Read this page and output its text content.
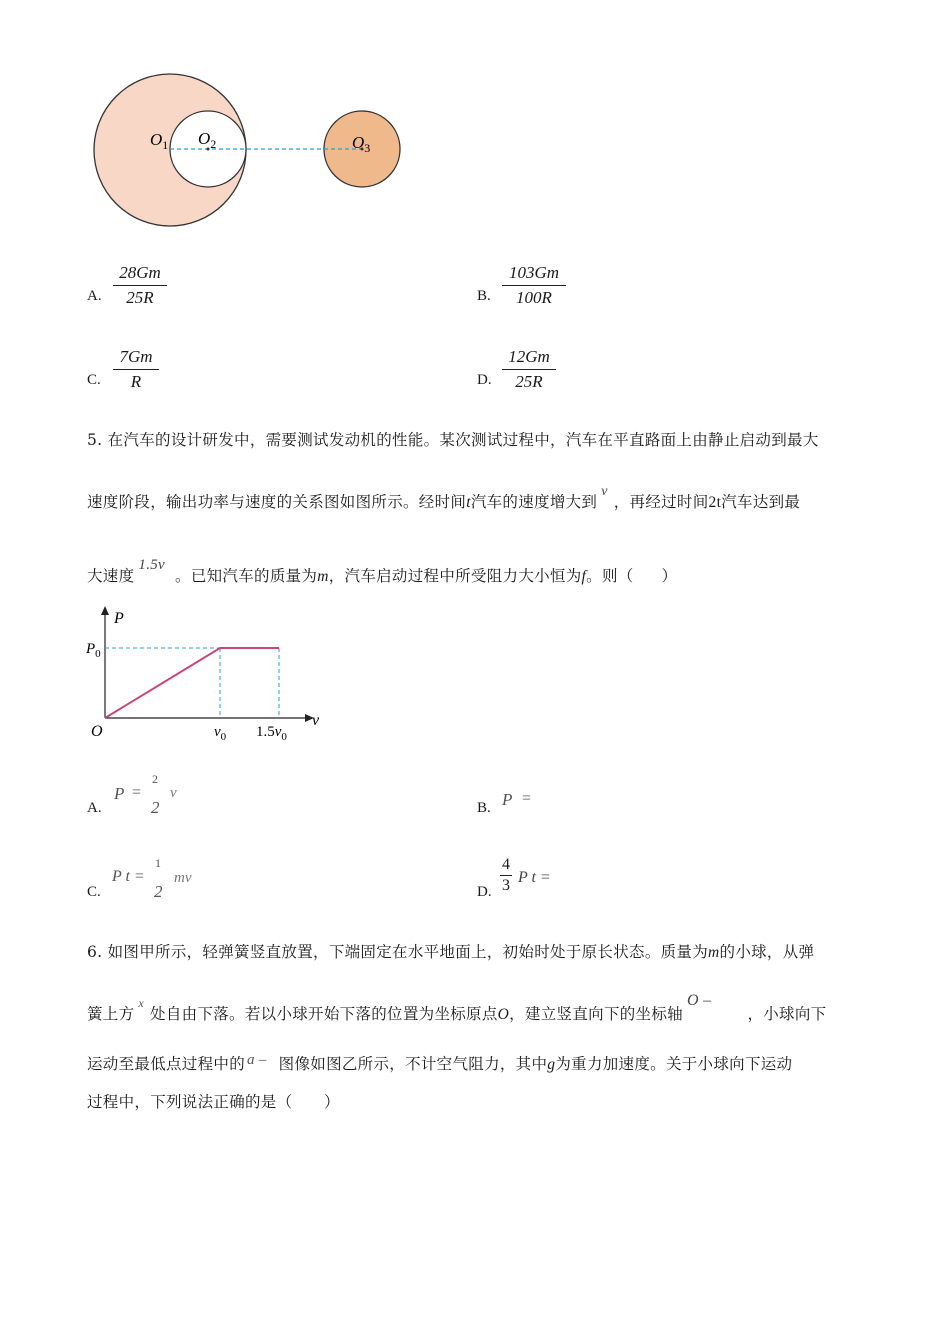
$O_1$ $O_2$	$O_3$
A.
28Gm
25R	B.
103Gm
100R
C.
7Gm
R	D.
12Gm
25R
5. 在汽车的设计研发中，需要测试发动机的性能。某次测试过程中，汽车在平直路面上由静止启动到最大
速度阶段，输出功率与速度的关系图如图所示。经时间t汽车的速度增大到v，再经过时间2t汽车达到最
大速度1.5v。已知汽车的质量为m，汽车启动过程中所受阻力大小恒为f。则（ ）
P
v
O
$P_0$
$v_0$ $1.5v_0$
A.
P =
2
2
v
B. P =
C.
P t =
1
2
mv
D.
4
3 P t =
6. 如图甲所示，轻弹簧竖直放置，下端固定在水平地面上，初始时处于原长状态。质量为m的小球，从弹
簧上方$^x$处自由下落。若以小球开始下落的位置为坐标原点O，建立竖直向下的坐标轴O –，小球向下
运动至最低点过程中的 a – 图像如图乙所示，不计空气阻力，其中g为重力加速度。关于小球向下运动
过程中，下列说法正确的是（　　）
